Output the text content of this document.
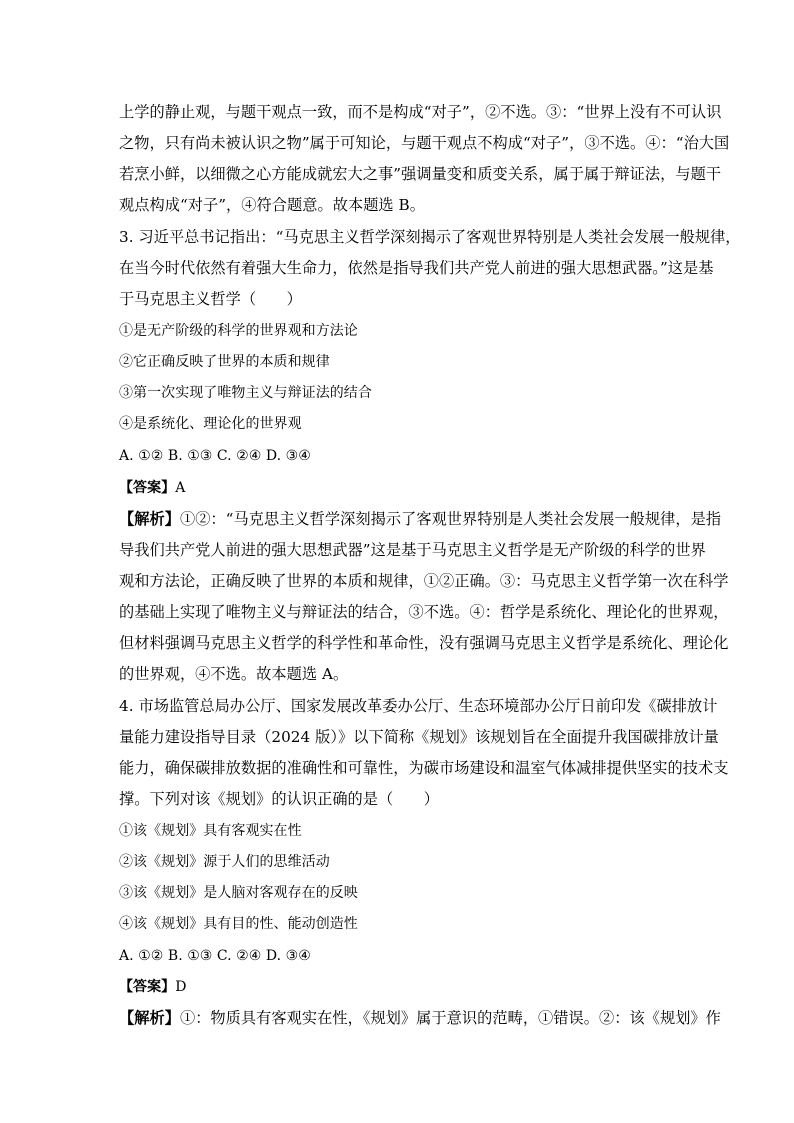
上学的静止观，与题干观点一致，而不是构成“对子”，②不选。③：“世界上没有不可认识
之物，只有尚未被认识之物”属于可知论，与题干观点不构成“对子”，③不选。④：“治大国
若烹小鲜，以细微之心方能成就宏大之事”强调量变和质变关系，属于属于辩证法，与题干
观点构成“对子”，④符合题意。故本题选 B。
3. 习近平总书记指出：“马克思主义哲学深刻揭示了客观世界特别是人类社会发展一般规律，
在当今时代依然有着强大生命力，依然是指导我们共产党人前进的强大思想武器。”这是基
于马克思主义哲学（　　）
①是无产阶级的科学的世界观和方法论
②它正确反映了世界的本质和规律
③第一次实现了唯物主义与辩证法的结合
④是系统化、理论化的世界观
A. ①② B. ①③ C. ②④ D. ③④
【答案】A
【解析】①②：“马克思主义哲学深刻揭示了客观世界特别是人类社会发展一般规律，是指
导我们共产党人前进的强大思想武器”这是基于马克思主义哲学是无产阶级的科学的世界
观和方法论，正确反映了世界的本质和规律，①②正确。③：马克思主义哲学第一次在科学
的基础上实现了唯物主义与辩证法的结合，③不选。④：哲学是系统化、理论化的世界观，
但材料强调马克思主义哲学的科学性和革命性，没有强调马克思主义哲学是系统化、理论化
的世界观，④不选。故本题选 A。
4. 市场监管总局办公厅、国家发展改革委办公厅、生态环境部办公厅日前印发《碳排放计
量能力建设指导目录（2024 版）》以下简称《规划》该规划旨在全面提升我国碳排放计量
能力，确保碳排放数据的准确性和可靠性，为碳市场建设和温室气体减排提供坚实的技术支
撑。下列对该《规划》的认识正确的是（　　）
①该《规划》具有客观实在性
②该《规划》源于人们的思维活动
③该《规划》是人脑对客观存在的反映
④该《规划》具有目的性、能动创造性
A. ①② B. ①③ C. ②④ D. ③④
【答案】D
【解析】①：物质具有客观实在性，《规划》属于意识的范畴，①错误。②：该《规划》作
